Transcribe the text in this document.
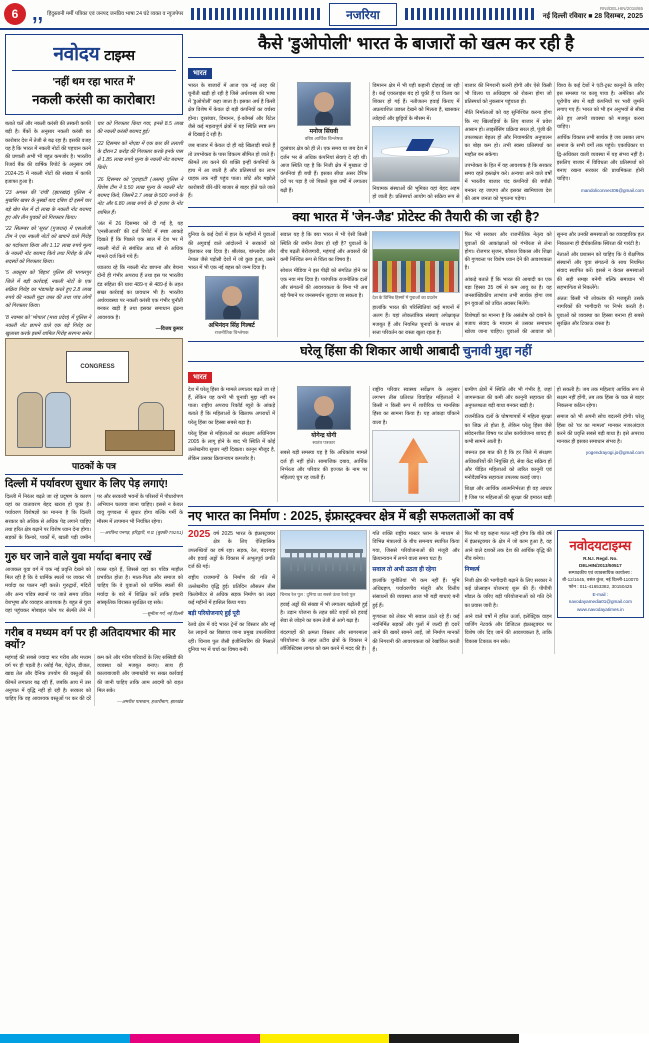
6 ,, हिंदुस्तानी मर्मी पत्रिका एवं जनपद जनप्रिय भाषा 24 घंटे व्यक्त व न्यूजपेपर	नजरिया	RNI/DELHIN/2018/65
नई दिल्ली रविवार ■ 28 दिसम्बर, 2025
नवोदय टाइम्स
'नहीं थम रहा भारत में'
नकली करंसी का कारोबार!

बताते चलें और नकली करंसी की तस्करी काफी बड़ी है। बैंकों के अनुसार नकली करंसी का कारोबार देश में तेजी से बढ़ रहा है। इसकी वजह यह है कि भारत में नकली नोटों की पहचान करने की प्रणाली अभी भी बहुत कमजोर है। भारतीय रिजर्व बैंक की वार्षिक रिपोर्ट के अनुसार वर्ष 2024-25 में नकली नोटों की संख्या में काफी इजाफा हुआ है।

'23 अगस्त की 'रांची' (झारखंड) पुलिस ने मुखबिर खबर के नुस्खों बाद दबिश दी इसमें चार बड़े खेप मेल में दो लाख के नकली नोट बरामद हुए और तीन युवकों को गिरफ्तार किया।

'22 सितम्बर को 'सूरत' (गुजरात) में एसओजी टीम ने एक नकली नोटों को खपाने वाले गिरोह का पर्दाफाश किया और 1.12 लाख रुपये मूल्य के नकली नोट बरामद किये तथा गिरोह के तीन सदस्यों को गिरफ्तार किया।

'5 अक्तूबर को 'बिहार' पुलिस की भागलपुर जिले में बड़ी कार्रवाई, नकली नोटों के एक सक्रिय गिरोह का भंडाफोड़ करते हुए 2.8 लाख रुपये की नकली मुद्रा जब्त की तथा पांच लोगों को गिरफ्तार किया।

'8 नवम्बर को 'भोपाल' (मध्य प्रदेश) में पुलिस ने नकली नोट छापने वाले एक बड़े गिरोह का खुलासा करके इसमें शामिल गिरोह सरगना समेत चार को गिरफ्तार किया गया, इनसे 8.5 लाख की नकली करंसी बरामद हुई।

'22 दिसम्बर को नोएडा में एक कार की तलाशी के दौरान 2 करोड़ की गिरफ्तार करके इनके पास से 1.85 लाख रुपये मूल्य के नकली नोट बरामद किये।

'26 दिसम्बर को 'गुवाहाटी' (असम) पुलिस ने विशेष टीम ने 9.50 लाख मूल्य के नकली नोट बरामद किये, जिसमें 2.7 लाख के 500 रुपये के नोट और 6.80 लाख रुपये के दो हजार के नोट शामिल हैं।

'अंत में 26 दिसम्बर को दी गई है, यह 'एनसीआरबी' की दर्ज रिपोर्ट में स्पष्ट आकड़े दिखते हैं कि पिछले एक साल में देश भर में नकली नोटों से संबंधित आठ सौ से अधिक मामले दर्ज किये गये हैं।

ध्यातव्य रहे कि नकली नोट छापना और बेचना दोनों ही गंभीर अपराध हैं तथा इस पर भारतीय दंड संहिता की धारा 489-ए से 489-ई के तहत सख्त कार्रवाई का प्रावधान भी है। भारतीय अर्थव्यवस्था पर नकली करंसी एक गंभीर चुनौती बनकर खड़ी है तथा इसका समाधान ढूंढना आवश्यक है।

—विजय कुमार
CONGRESS
पाठकों के पत्र
दिल्ली में पर्यावरण सुधार के लिए पेड़ लगाएं!

दिल्ली में निरंतर बढ़ते जा रहे प्रदूषण के कारण यहां का वातावरण बेहद खराब हो चुका है। पर्यावरण विशेषज्ञों का मानना है कि दिल्ली सरकार को अधिक से अधिक पेड़ लगाने चाहिए तथा हरित क्षेत्र बढ़ाने पर विशेष ध्यान देना होगा। सड़कों के किनारे, पार्कों में, खाली पड़ी जमीन पर और सरकारी भवनों के परिसरों में पौधारोपण अभियान चलाया जाना चाहिए। इससे न केवल वायु गुणवत्ता में सुधार होगा बल्कि गर्मी के मौसम में तापमान भी नियंत्रित रहेगा।

—अरविन्द पनगड़, हरिद्वारी, म.प्र. (बुक्की-79251)
गुरु घर जाने वाले युवा मर्यादा बनाए रखें

आजकल युवा वर्ग में एक नई प्रवृत्ति देखने को मिल रही है कि वे धार्मिक स्थलों पर जाकर भी मर्यादा का पालन नहीं करते। गुरुद्वारों, मंदिरों और अन्य पवित्र स्थानों पर जाते समय उचित वेशभूषा और व्यवहार आवश्यक है। बहुत से युवा वहां पहुंचकर मोबाइल फोन पर सेल्फी लेने में व्यस्त रहते हैं, जिससे वहां का पवित्र माहौल प्रभावित होता है। माता-पिता और समाज को चाहिए कि वे युवाओं को धार्मिक स्थलों की मर्यादा के बारे में शिक्षित करें ताकि हमारी सांस्कृतिक विरासत सुरक्षित रह सके।

—सुनीता गर्ग, नई दिल्ली
गरीब व मध्यम वर्ग पर ही अतिदायभार की मार क्यों?

महंगाई की सबसे ज्यादा मार गरीब और मध्यम वर्ग पर ही पड़ती है। रसोई गैस, पेट्रोल, डीजल, खाद्य तेल और दैनिक उपयोग की वस्तुओं की कीमतें लगातार बढ़ रही हैं, जबकि आय में उस अनुपात में वृद्धि नहीं हो रही है। सरकार को चाहिए कि वह आवश्यक वस्तुओं पर कर की दरें कम करे और गरीब परिवारों के लिए सब्सिडी की व्यवस्था को मजबूत बनाए। साथ ही कालाबाजारी और जमाखोरी पर सख्त कार्रवाई की जानी चाहिए ताकि आम आदमी को राहत मिल सके।

—अमरीश पासवान, हजारीबाग, झारखंड
कैसे 'डुओपोली' भारत के बाजारों को खत्म कर रही है
भारत

भारत के बाजारों में आज एक नई तरह की चुनौती खड़ी हो रही है जिसे अर्थशास्त्र की भाषा में 'डुओपोली' कहा जाता है। इसका अर्थ है किसी क्षेत्र विशेष में केवल दो बड़ी कंपनियों का वर्चस्व होना। दूरसंचार, विमानन, ई-कॉमर्स और रिटेल जैसे कई महत्वपूर्ण क्षेत्रों में यह स्थिति स्पष्ट रूप से दिखाई दे रही है।

जब बाजार में केवल दो ही बड़े खिलाड़ी बचते हैं तो उपभोक्ता के पास विकल्प सीमित हो जाते हैं। कीमतें तय करने की शक्ति इन्हीं कंपनियों के हाथ में आ जाती है और प्रतिस्पर्धा का लाभ ग्राहक तक नहीं पहुंच पाता। छोटे और मझोले कारोबारी धीरे-धीरे बाजार से बाहर होते चले जाते हैं।

मनोज सिंघवी
वरिष्ठ आर्थिक विश्लेषक

दूरसंचार क्षेत्र को ही लें। एक समय था जब देश में दर्जन भर से अधिक कंपनियां सेवाएं दे रही थीं। आज स्थिति यह है कि निजी क्षेत्र में मुख्यतः दो कंपनियां ही बची हैं। इसका सीधा असर टैरिफ दरों पर पड़ा है जो पिछले कुछ वर्षों में लगातार बढ़ी हैं।

विमानन क्षेत्र में भी यही कहानी दोहराई जा रही है। कई एयरलाइंस बंद हो चुकी हैं या विलय का शिकार हो गई हैं। नतीजतन हवाई किराए में अप्रत्याशित उछाल देखने को मिलता है, खासकर त्योहारों और छुट्टियों के मौसम में।

नियामक संस्थाओं की भूमिका यहां बेहद अहम हो जाती है। प्रतिस्पर्धा आयोग को सक्रिय रूप से बाजार की निगरानी करनी होगी और ऐसे किसी भी विलय या अधिग्रहण को रोकना होगा जो प्रतिस्पर्धा को नुकसान पहुंचाता हो।

नीति निर्माताओं को यह सुनिश्चित करना होगा कि नए खिलाड़ियों के लिए बाजार में प्रवेश आसान हो। लाइसेंसिंग प्रक्रिया सरल हो, पूंजी की उपलब्धता बेहतर हो और नियामकीय अनुपालन का बोझ कम हो। तभी स्वस्थ प्रतिस्पर्धा का माहौल बन सकेगा।

उपभोक्ता के हित में यह आवश्यक है कि सरकार समय रहते हस्तक्षेप करे। अन्यथा आने वाले वर्षों में भारतीय बाजार चंद कंपनियों की बपौती बनकर रह जाएगा और इसका खामियाजा देश की आम जनता को भुगतना पड़ेगा।

विश्व के कई देशों ने एंटी-ट्रस्ट कानूनों के जरिए इस समस्या पर काबू पाया है। अमेरिका और यूरोपीय संघ में बड़ी कंपनियों पर भारी जुर्माने लगाए गए हैं। भारत को भी इन अनुभवों से सीख लेते हुए अपनी व्यवस्था को मजबूत करना चाहिए।

आर्थिक विकास तभी सार्थक है जब उसका लाभ समाज के सभी वर्गों तक पहुंचे। एकाधिकार या द्वि-अधिकार वाली व्यवस्था में यह संभव नहीं है। इसलिए बाजार में विविधता और प्रतिस्पर्धा को बनाए रखना सरकार की प्राथमिकता होनी चाहिए।

mandoliconnect06@gmail.com
क्या भारत में 'जेन-जैड' प्रोटेस्ट की तैयारी की जा रही है?

दुनिया के कई देशों में हाल के महीनों में युवाओं की अगुवाई वाले आंदोलनों ने सरकारों को हिलाकर रख दिया है। श्रीलंका, बांग्लादेश और नेपाल जैसे पड़ोसी देशों में जो कुछ हुआ, उसने भारत में भी एक नई बहस को जन्म दिया है।

अभिनंदन सिंह गिल्बर्ट
राजनीतिक विश्लेषक

सवाल यह है कि क्या भारत में भी ऐसी किसी स्थिति की जमीन तैयार हो रही है? युवाओं के बीच बढ़ती बेरोजगारी, महंगाई और अवसरों की कमी निश्चित रूप से चिंता का विषय है।

सोशल मीडिया ने इस पीढ़ी को संगठित होने का एक नया मंच दिया है। पारंपरिक राजनीतिक दलों और संगठनों की आवश्यकता के बिना भी अब बड़े पैमाने पर जनसमर्थन जुटाया जा सकता है।	देश के विभिन्न हिस्सों में युवाओं का प्रदर्शन

हालांकि भारत की परिस्थितियां कई मायनों में अलग हैं। यहां लोकतांत्रिक संस्थाएं अपेक्षाकृत मजबूत हैं और नियमित चुनावों के माध्यम से सत्ता परिवर्तन का रास्ता खुला रहता है।

फिर भी सरकार और राजनीतिक नेतृत्व को युवाओं की आकांक्षाओं को गंभीरता से लेना होगा। रोजगार सृजन, कौशल विकास और शिक्षा की गुणवत्ता पर विशेष ध्यान देने की आवश्यकता है।

आंकड़े बताते हैं कि भारत की आबादी का एक बड़ा हिस्सा 35 वर्ष से कम आयु का है। यह जनसांख्यिकीय लाभांश तभी सार्थक होगा जब इन युवाओं को उचित अवसर मिलेंगे।

विशेषज्ञों का मानना है कि असंतोष को दबाने के बजाय संवाद के माध्यम से उसका समाधान खोजा जाना चाहिए। युवाओं की आवाज को सुनना और उनकी समस्याओं का व्यावहारिक हल निकालना ही दीर्घकालिक स्थिरता की गारंटी है।

नेताओं और प्रशासन को चाहिए कि वे शैक्षणिक संस्थानों और युवा संगठनों के साथ नियमित संवाद स्थापित करें। इससे न केवल समस्याओं की सही समझ बनेगी बल्कि समाधान भी सहभागिता से निकलेंगे।

अंततः किसी भी लोकतंत्र की मजबूती उसके नागरिकों की भागीदारी पर निर्भर करती है। युवाओं को व्यवस्था का हिस्सा बनाना ही सबसे सुरक्षित और टिकाऊ रास्ता है।

घरेलू हिंसा की शिकार आधी आबादी चुनावी मुद्दा नहीं
भारत

देश में घरेलू हिंसा के मामले लगातार बढ़ते जा रहे हैं, लेकिन यह कभी भी चुनावी मुद्दा नहीं बन पाता। राष्ट्रीय अपराध रिकॉर्ड ब्यूरो के आंकड़े बताते हैं कि महिलाओं के खिलाफ अपराधों में घरेलू हिंसा का हिस्सा सबसे बड़ा है।

घरेलू हिंसा से महिलाओं का संरक्षण अधिनियम 2005 के लागू होने के बाद भी स्थिति में कोई उल्लेखनीय सुधार नहीं दिखता। कानून मौजूद है, लेकिन उसका क्रियान्वयन कमजोर है।

योगेन्द्र योगी
स्वतंत्र पत्रकार

सबसे बड़ी समस्या यह है कि अधिकांश मामले दर्ज ही नहीं होते। सामाजिक दबाव, आर्थिक निर्भरता और परिवार की इज्जत के नाम पर महिलाएं चुप रह जाती हैं।

राष्ट्रीय परिवार स्वास्थ्य सर्वेक्षण के अनुसार लगभग तीस प्रतिशत विवाहित महिलाओं ने किसी न किसी रूप में शारीरिक या मानसिक हिंसा का सामना किया है। यह आंकड़ा चौंकाने वाला है।

ग्रामीण क्षेत्रों में स्थिति और भी गंभीर है, जहां जागरूकता की कमी और कानूनी सहायता की अनुपलब्धता बड़ी बाधा बनकर खड़ी है।

राजनीतिक दलों के घोषणापत्रों में महिला सुरक्षा का जिक्र तो होता है, लेकिन घरेलू हिंसा जैसे संवेदनशील विषय पर ठोस कार्ययोजना शायद ही कभी सामने आती है।

जरूरत इस बात की है कि हर जिले में संरक्षण अधिकारियों की नियुक्ति हो, सेवा केंद्र सक्रिय हों और पीड़ित महिलाओं को त्वरित कानूनी एवं मनोवैज्ञानिक सहायता उपलब्ध कराई जाए।

शिक्षा और आर्थिक आत्मनिर्भरता ही वह आधार है जिस पर महिलाओं की सुरक्षा की इमारत खड़ी हो सकती है। जब तक महिलाएं आर्थिक रूप से सक्षम नहीं होंगी, तब तक हिंसा के चक्र से बाहर निकलना कठिन रहेगा।

समाज को भी अपनी सोच बदलनी होगी। घरेलू हिंसा को 'घर का मामला' मानकर नजरअंदाज करने की प्रवृत्ति सबसे बड़ी बाधा है। इसे अपराध मानकर ही इसका समाधान संभव है।

yogendrayogi.jo@gmail.com
नए भारत का निर्माण : 2025, इंफ्रास्ट्रक्चर क्षेत्र में बड़ी सफलताओं का वर्ष

2025 वर्ष 2025 भारत के इंफ्रास्ट्रक्चर क्षेत्र के लिए ऐतिहासिक उपलब्धियों का वर्ष रहा। सड़क, रेल, बंदरगाह और हवाई अड्डों के विकास में अभूतपूर्व प्रगति दर्ज की गई।

राष्ट्रीय राजमार्गों के निर्माण की गति में उल्लेखनीय वृद्धि हुई। प्रतिदिन औसतन तीस किलोमीटर से अधिक सड़क निर्माण का लक्ष्य कई महीनों में हासिल किया गया।

बड़ी परियोजनाएं हुईं पूरी

रेलवे क्षेत्र में वंदे भारत ट्रेनों का विस्तार और नई रेल लाइनों का बिछाया जाना प्रमुख उपलब्धियां रहीं। चिनाब पुल जैसी इंजीनियरिंग की मिसालें दुनिया भर में चर्चा का विषय बनीं।

चिनाब रेल पुल : दुनिया का सबसे ऊंचा रेलवे पुल

हवाई अड्डों की संख्या में भी लगातार बढ़ोतरी हुई है। उड़ान योजना के तहत छोटे शहरों को हवाई सेवा से जोड़ने का काम तेजी से आगे बढ़ा है।

बंदरगाहों की क्षमता विस्तार और सागरमाला परियोजना के तहत तटीय क्षेत्रों के विकास ने लॉजिस्टिक्स लागत को कम करने में मदद की है।

गति शक्ति राष्ट्रीय मास्टर प्लान के माध्यम से विभिन्न मंत्रालयों के बीच समन्वय स्थापित किया गया, जिससे परियोजनाओं की मंजूरी और क्रियान्वयन में लगने वाला समय घटा है।

सवाल तो अभी उठता ही रहेगा

हालांकि चुनौतियां भी कम नहीं हैं। भूमि अधिग्रहण, पर्यावरणीय मंजूरी और वित्तीय संसाधनों की व्यवस्था आज भी बड़ी बाधाएं बनी हुई हैं।

गुणवत्ता को लेकर भी सवाल उठते रहे हैं। कई नवनिर्मित सड़कों और पुलों में जल्दी ही दरारें आने की खबरें सामने आईं, जो निर्माण मानकों की निगरानी की आवश्यकता को रेखांकित करती हैं।

फिर भी यह कहना गलत नहीं होगा कि बीते वर्ष में इंफ्रास्ट्रक्चर के क्षेत्र में जो काम हुआ है, वह आने वाले दशकों तक देश की आर्थिक वृद्धि की नींव बनेगा।

निष्कर्ष

निजी क्षेत्र की भागीदारी बढ़ाने के लिए सरकार ने कई प्रोत्साहन योजनाएं शुरू की हैं। पीपीपी मॉडल के जरिए बड़ी परियोजनाओं को गति देने का प्रयास जारी है।

आने वाले वर्षों में हरित ऊर्जा, इलेक्ट्रिक वाहन चार्जिंग नेटवर्क और डिजिटल इंफ्रास्ट्रक्चर पर विशेष जोर दिए जाने की आवश्यकता है, ताकि विकास टिकाऊ बन सके।

नवोदयटाइम्स
R.N.I. Regd. No. DELHIN/2013/50517
सम्पादकीय एवं व्यावसायिक कार्यालय :
बी-12/1645, वसंत कुंज, नई दिल्ली-110070
फोन : 011-41653382, 30150425
E-mail : navodayamedia01@gmail.com
www.navodayatimes.in
